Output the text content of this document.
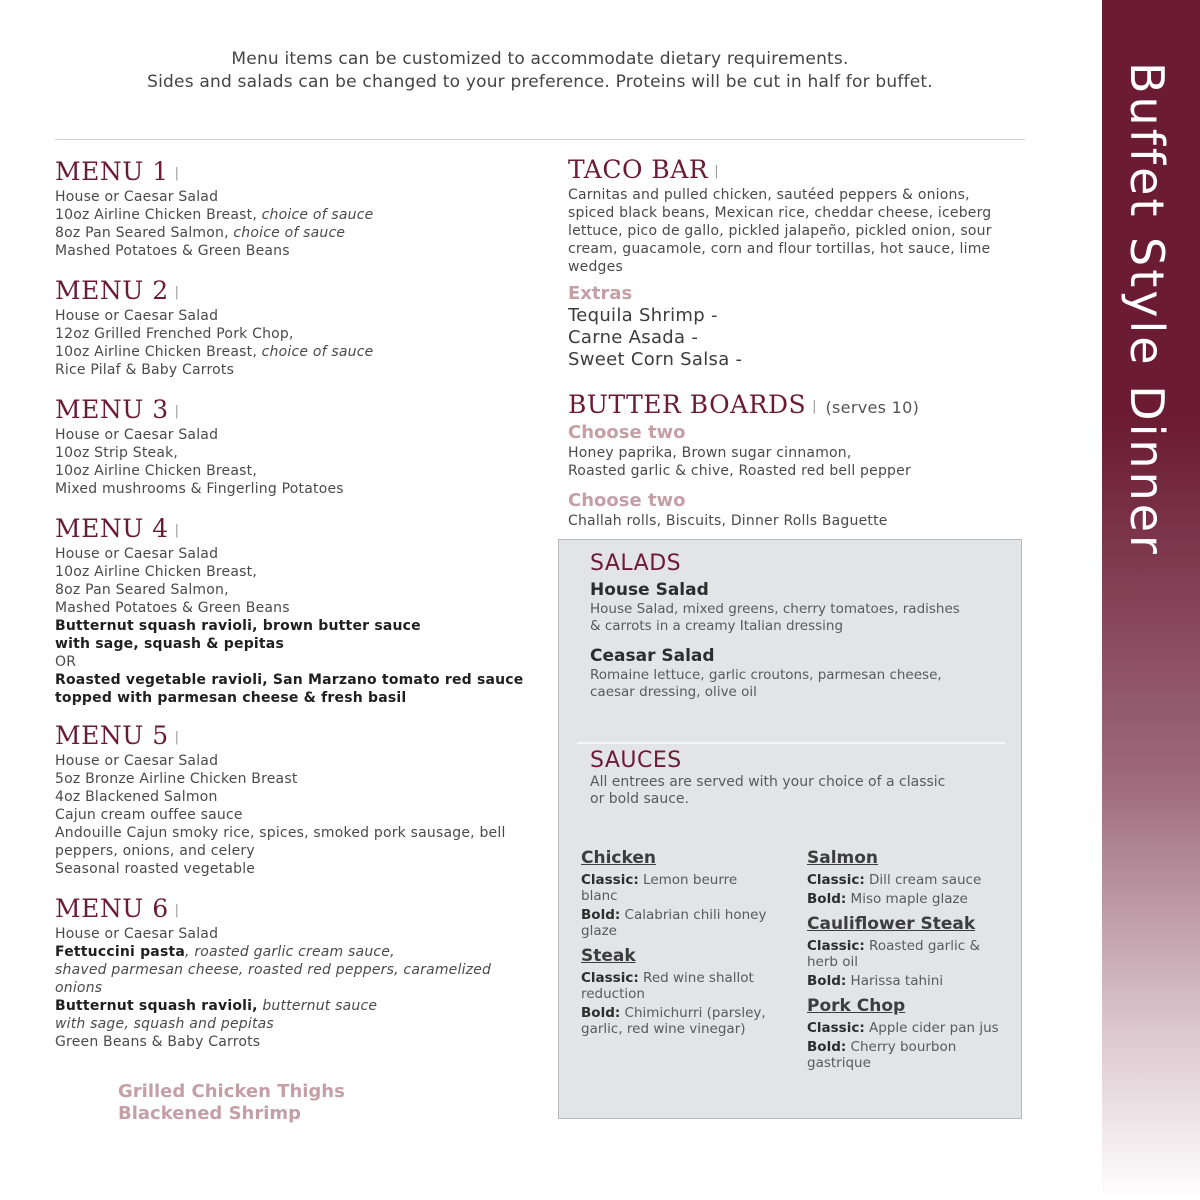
Menu items can be customized to accommodate dietary requirements.
Sides and salads can be changed to your preference. Proteins will be cut in half for buffet.	Buffet Style Dinner
MENU 1 |
House or Caesar Salad
10oz Airline Chicken Breast, choice of sauce
8oz Pan Seared Salmon, choice of sauce
Mashed Potatoes & Green Beans
MENU 2 |
House or Caesar Salad
12oz Grilled Frenched Pork Chop,
10oz Airline Chicken Breast, choice of sauce
Rice Pilaf & Baby Carrots
MENU 3 |
House or Caesar Salad
10oz Strip Steak,
10oz Airline Chicken Breast,
Mixed mushrooms & Fingerling Potatoes
MENU 4 |
House or Caesar Salad
10oz Airline Chicken Breast,
8oz Pan Seared Salmon,
Mashed Potatoes & Green Beans
Butternut squash ravioli, brown butter sauce
with sage, squash & pepitas
OR
Roasted vegetable ravioli, San Marzano tomato red sauce
topped with parmesan cheese & fresh basil
MENU 5 |
House or Caesar Salad
5oz Bronze Airline Chicken Breast
4oz Blackened Salmon
Cajun cream ouffee sauce
Andouille Cajun smoky rice, spices, smoked pork sausage, bell
peppers, onions, and celery
Seasonal roasted vegetable
MENU 6 |
House or Caesar Salad
Fettuccini pasta, roasted garlic cream sauce,
shaved parmesan cheese, roasted red peppers, caramelized
onions
Butternut squash ravioli, butternut sauce
with sage, squash and pepitas
Green Beans & Baby Carrots
Grilled Chicken Thighs
Blackened Shrimp
TACO BAR |
Carnitas and pulled chicken, sautéed peppers & onions,
spiced black beans, Mexican rice, cheddar cheese, iceberg
lettuce, pico de gallo, pickled jalapeño, pickled onion, sour
cream, guacamole, corn and flour tortillas, hot sauce, lime
wedges
Extras
Tequila Shrimp -
Carne Asada -
Sweet Corn Salsa -
BUTTER BOARDS | (serves 10)
Choose two
Honey paprika, Brown sugar cinnamon,
Roasted garlic & chive, Roasted red bell pepper
Choose two
Challah rolls, Biscuits, Dinner Rolls Baguette
SALADS
House Salad
House Salad, mixed greens, cherry tomatoes, radishes
& carrots in a creamy Italian dressing
Ceasar Salad
Romaine lettuce, garlic croutons, parmesan cheese,
caesar dressing, olive oil
SAUCES
All entrees are served with your choice of a classic
or bold sauce.
Chicken
Classic: Lemon beurre
blanc
Bold: Calabrian chili honey
glaze
Steak
Classic: Red wine shallot
reduction
Bold: Chimichurri (parsley,
garlic, red wine vinegar)
Salmon
Classic: Dill cream sauce
Bold: Miso maple glaze
Cauliflower Steak
Classic: Roasted garlic &
herb oil
Bold: Harissa tahini
Pork Chop
Classic: Apple cider pan jus
Bold: Cherry bourbon
gastrique
